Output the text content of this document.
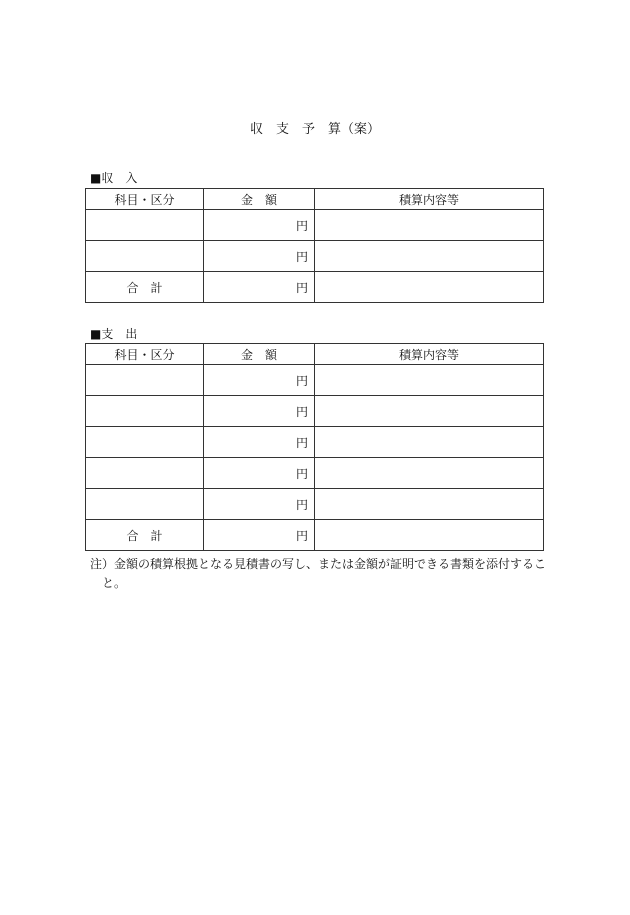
収　支　予　算（案）
■収　入
科目・区分	金　額	積算内容等
	円	
	円	
合　計	円	
■支　出
科目・区分	金　額	積算内容等
	円	
	円	
	円	
	円	
	円	
合　計	円	
注）金額の積算根拠となる見積書の写し、または金額が証明できる書類を添付すること。
